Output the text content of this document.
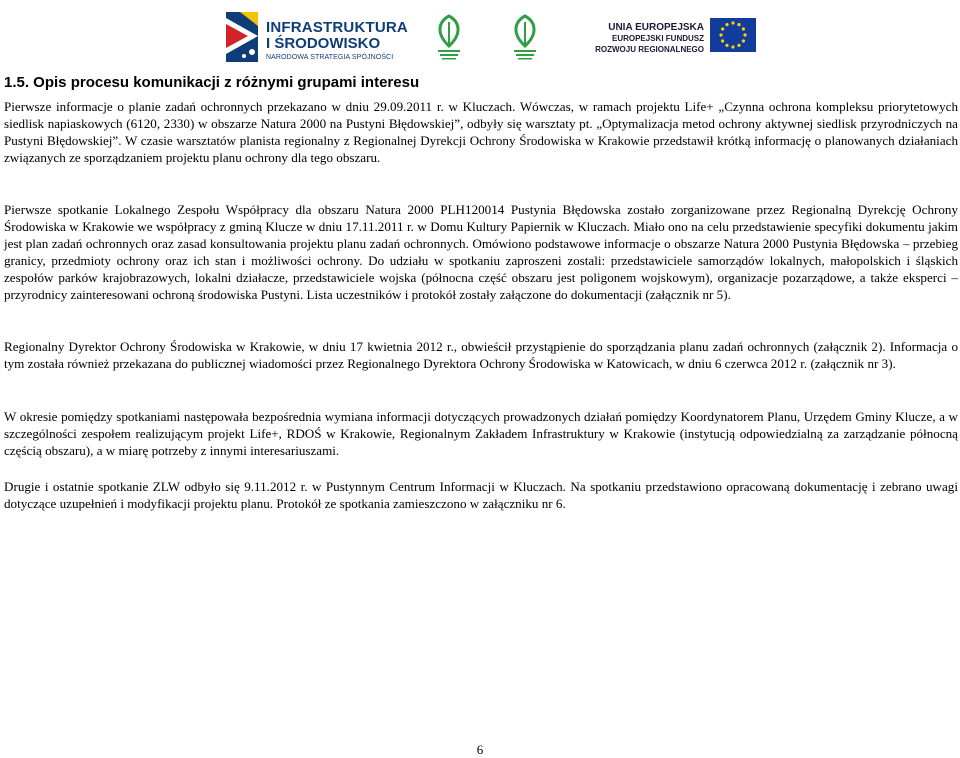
INFRASTRUKTURA
I ŚRODOWISKO
NARODOWA STRATEGIA SPÓJNOŚCI
UNIA EUROPEJSKA
EUROPEJSKI FUNDUSZ
ROZWOJU REGIONALNEGO
1.5. Opis procesu komunikacji z różnymi grupami interesu

Pierwsze informacje o planie zadań ochronnych przekazano w dniu 29.09.2011 r. w Kluczach. Wówczas, w ramach projektu Life+ „Czynna ochrona kompleksu priorytetowych siedlisk napiaskowych (6120, 2330) w obszarze Natura 2000 na Pustyni Błędowskiej”, odbyły się warsztaty pt. „Optymalizacja metod ochrony aktywnej siedlisk przyrodniczych na Pustyni Błędowskiej”. W czasie warsztatów planista regionalny z Regionalnej Dyrekcji Ochrony Środowiska w Krakowie przedstawił krótką informację o planowanych działaniach związanych ze sporządzaniem projektu planu ochrony dla tego obszaru.

Pierwsze spotkanie Lokalnego Zespołu Współpracy dla obszaru Natura 2000 PLH120014 Pustynia Błędowska zostało zorganizowane przez Regionalną Dyrekcję Ochrony Środowiska w Krakowie we współpracy z gminą Klucze w dniu 17.11.2011 r. w Domu Kultury Papiernik w Kluczach. Miało ono na celu przedstawienie specyfiki dokumentu jakim jest plan zadań ochronnych oraz zasad konsultowania projektu planu zadań ochronnych. Omówiono podstawowe informacje o obszarze Natura 2000 Pustynia Błędowska – przebieg granicy, przedmioty ochrony oraz ich stan i możliwości ochrony. Do udziału w spotkaniu zaproszeni zostali: przedstawiciele samorządów lokalnych, małopolskich i śląskich zespołów parków krajobrazowych, lokalni działacze, przedstawiciele wojska (północna część obszaru jest poligonem wojskowym), organizacje pozarządowe, a także eksperci – przyrodnicy zainteresowani ochroną środowiska Pustyni. Lista uczestników i protokół zostały załączone do dokumentacji (załącznik nr 5).

Regionalny Dyrektor Ochrony Środowiska w Krakowie, w dniu 17 kwietnia 2012 r., obwieścił przystąpienie do sporządzania planu zadań ochronnych (załącznik 2). Informacja o tym została również przekazana do publicznej wiadomości przez Regionalnego Dyrektora Ochrony Środowiska w Katowicach, w dniu 6 czerwca 2012 r. (załącznik nr 3).

W okresie pomiędzy spotkaniami następowała bezpośrednia wymiana informacji dotyczących prowadzonych działań pomiędzy Koordynatorem Planu, Urzędem Gminy Klucze, a w szczególności zespołem realizującym projekt Life+, RDOŚ w Krakowie, Regionalnym Zakładem Infrastruktury w Krakowie (instytucją odpowiedzialną za zarządzanie północną częścią obszaru), a w miarę potrzeby z innymi interesariuszami.

Drugie i ostatnie spotkanie ZLW odbyło się 9.11.2012 r. w Pustynnym Centrum Informacji w Kluczach. Na spotkaniu przedstawiono opracowaną dokumentację i zebrano uwagi dotyczące uzupełnień i modyfikacji projektu planu. Protokół ze spotkania zamieszczono w załączniku nr 6.

6
